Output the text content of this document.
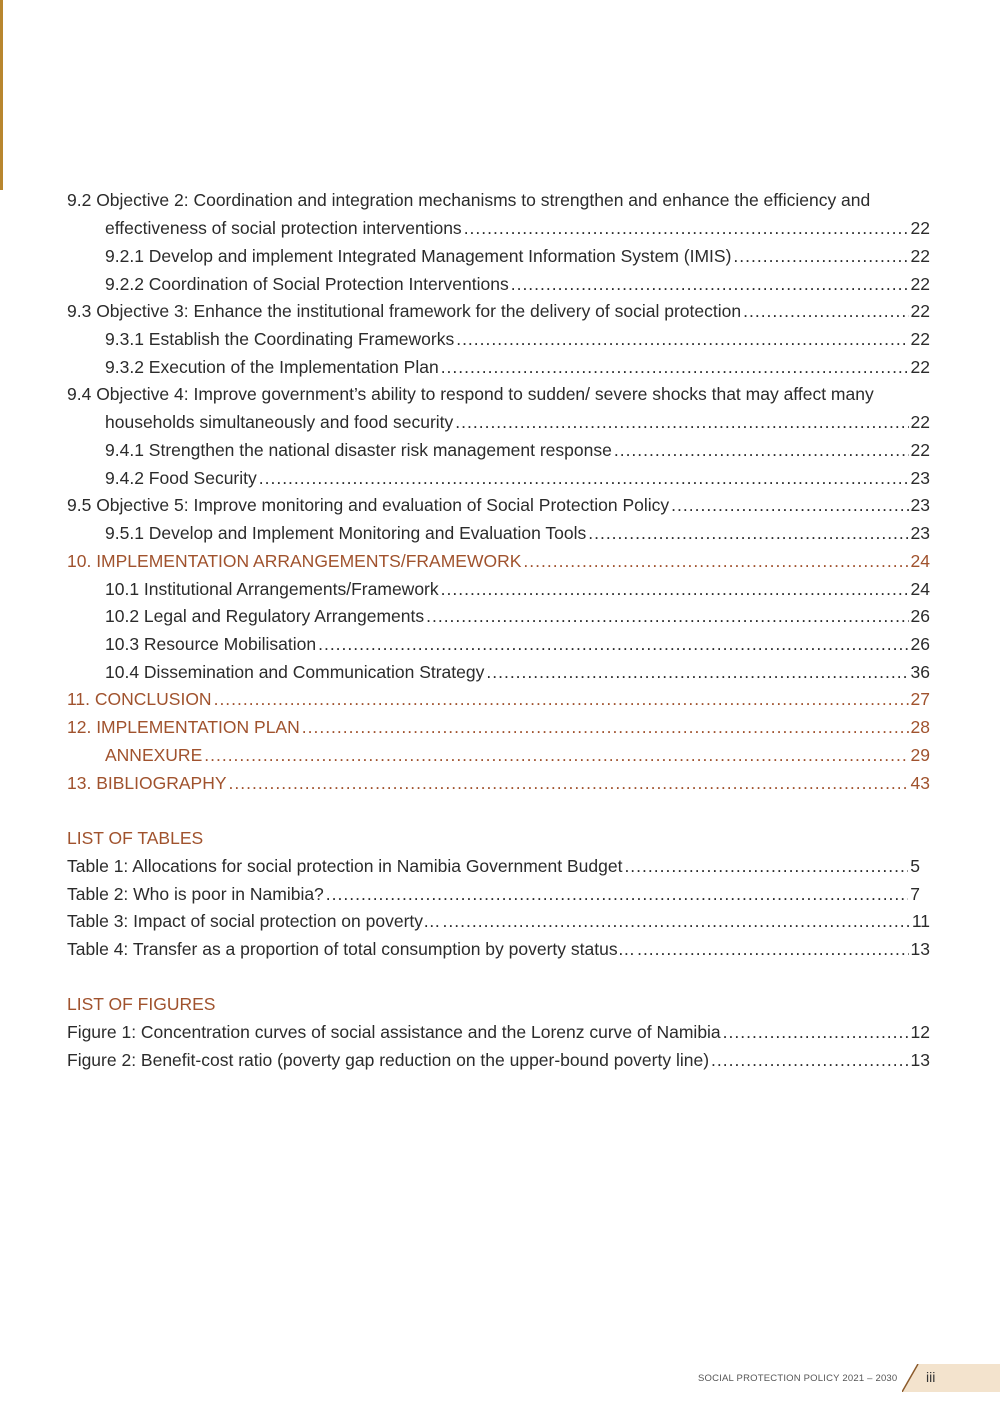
9.2 Objective 2: Coordination and integration mechanisms to strengthen and enhance the efficiency and
effectiveness of social protection interventions .....	22
9.2.1 Develop and implement Integrated Management Information System (IMIS) .....	22
9.2.2 Coordination of Social Protection Interventions .....	22
9.3 Objective 3: Enhance the institutional framework for the delivery of social protection .....	22
9.3.1 Establish the Coordinating Frameworks .....	22
9.3.2 Execution of the Implementation Plan .....	22
9.4 Objective 4: Improve government’s ability to respond to sudden/ severe shocks that may affect many
households simultaneously and food security .....	22
9.4.1 Strengthen the national disaster risk management response .....	22
9.4.2 Food Security .....	23
9.5 Objective 5: Improve monitoring and evaluation of Social Protection Policy .....	23
9.5.1 Develop and Implement Monitoring and Evaluation Tools .....	23
10. IMPLEMENTATION ARRANGEMENTS/FRAMEWORK .....	24
10.1 Institutional Arrangements/Framework .....	24
10.2 Legal and Regulatory Arrangements .....	26
10.3 Resource Mobilisation .....	26
10.4 Dissemination and Communication Strategy .....	36
11. CONCLUSION .....	27
12. IMPLEMENTATION PLAN .....	28
ANNEXURE .....	29
13. BIBLIOGRAPHY .....	43
LIST OF TABLES
Table 1: Allocations for social protection in Namibia Government Budget .....	5
Table 2: Who is poor in Namibia? .....	7
Table 3: Impact of social protection on poverty… .....	11
Table 4: Transfer as a proportion of total consumption by poverty status… .....	13
LIST OF FIGURES
Figure 1: Concentration curves of social assistance and the Lorenz curve of Namibia .....	12
Figure 2: Benefit-cost ratio (poverty gap reduction on the upper-bound poverty line) .....	13
SOCIAL PROTECTION POLICY 2021 – 2030 iii
